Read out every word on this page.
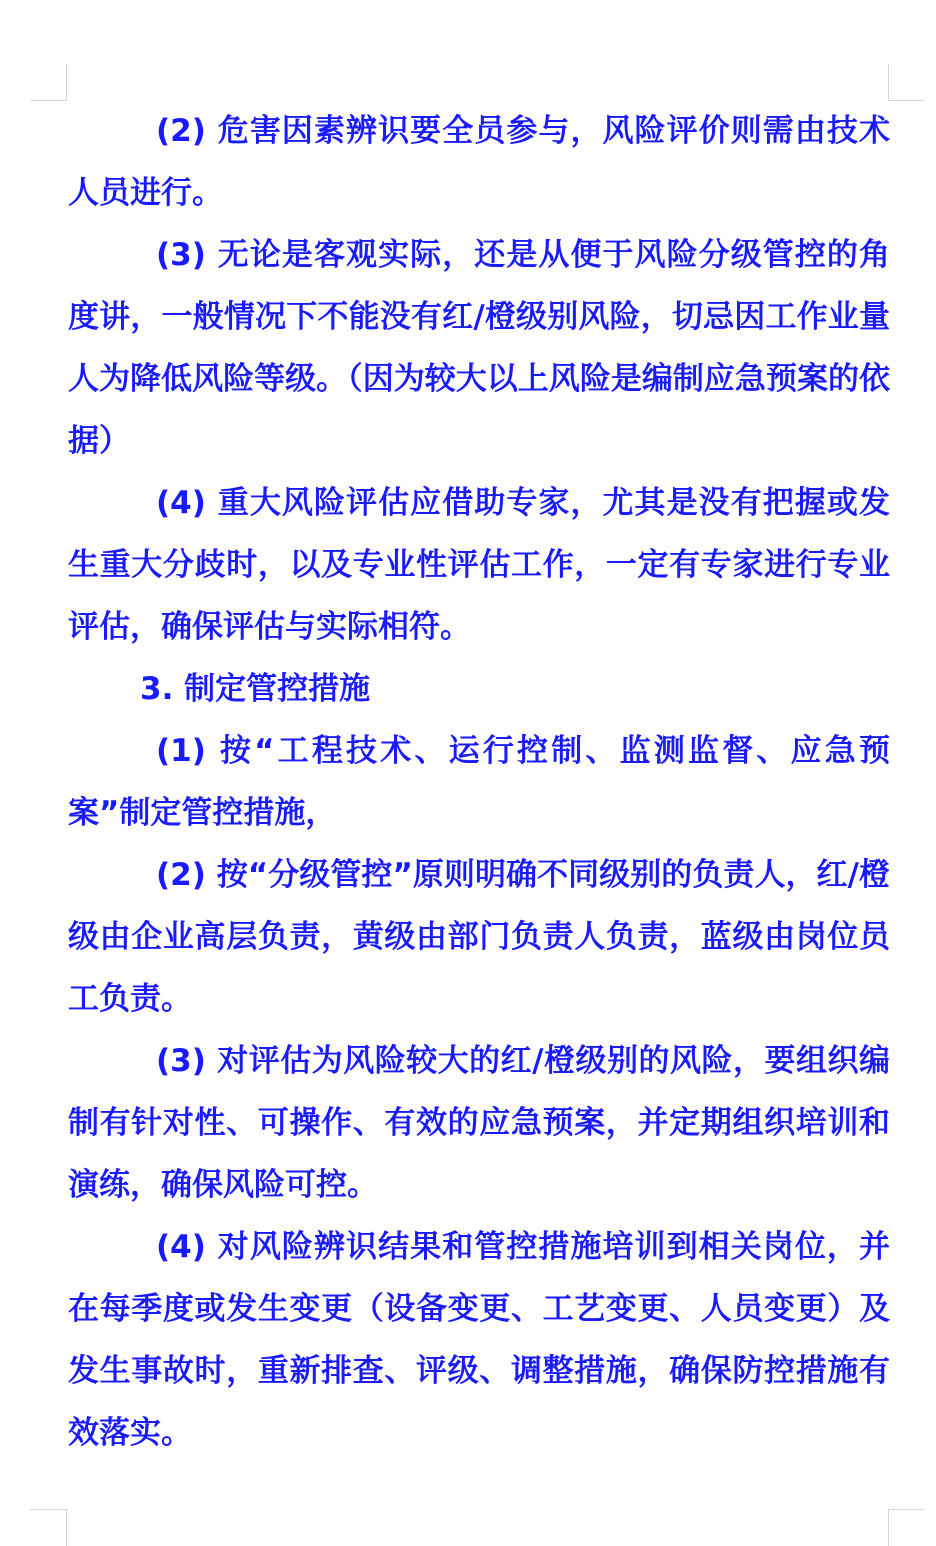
(2) 危害因素辨识要全员参与，风险评价则需由技术人员进行。

(3) 无论是客观实际，还是从便于风险分级管控的角度讲，一般情况下不能没有红/橙级别风险，切忌因工作业量人为降低风险等级。（因为较大以上风险是编制应急预案的依据）

(4) 重大风险评估应借助专家，尤其是没有把握或发生重大分歧时，以及专业性评估工作，一定有专家进行专业评估，确保评估与实际相符。

3. 制定管控措施

(1) 按“工程技术、运行控制、监测监督、应急预案”制定管控措施，

(2) 按“分级管控”原则明确不同级别的负责人，红/橙级由企业高层负责，黄级由部门负责人负责，蓝级由岗位员工负责。

(3) 对评估为风险较大的红/橙级别的风险，要组织编制有针对性、可操作、有效的应急预案，并定期组织培训和演练，确保风险可控。

(4) 对风险辨识结果和管控措施培训到相关岗位，并在每季度或发生变更（设备变更、工艺变更、人员变更）及发生事故时，重新排查、评级、调整措施，确保防控措施有效落实。
